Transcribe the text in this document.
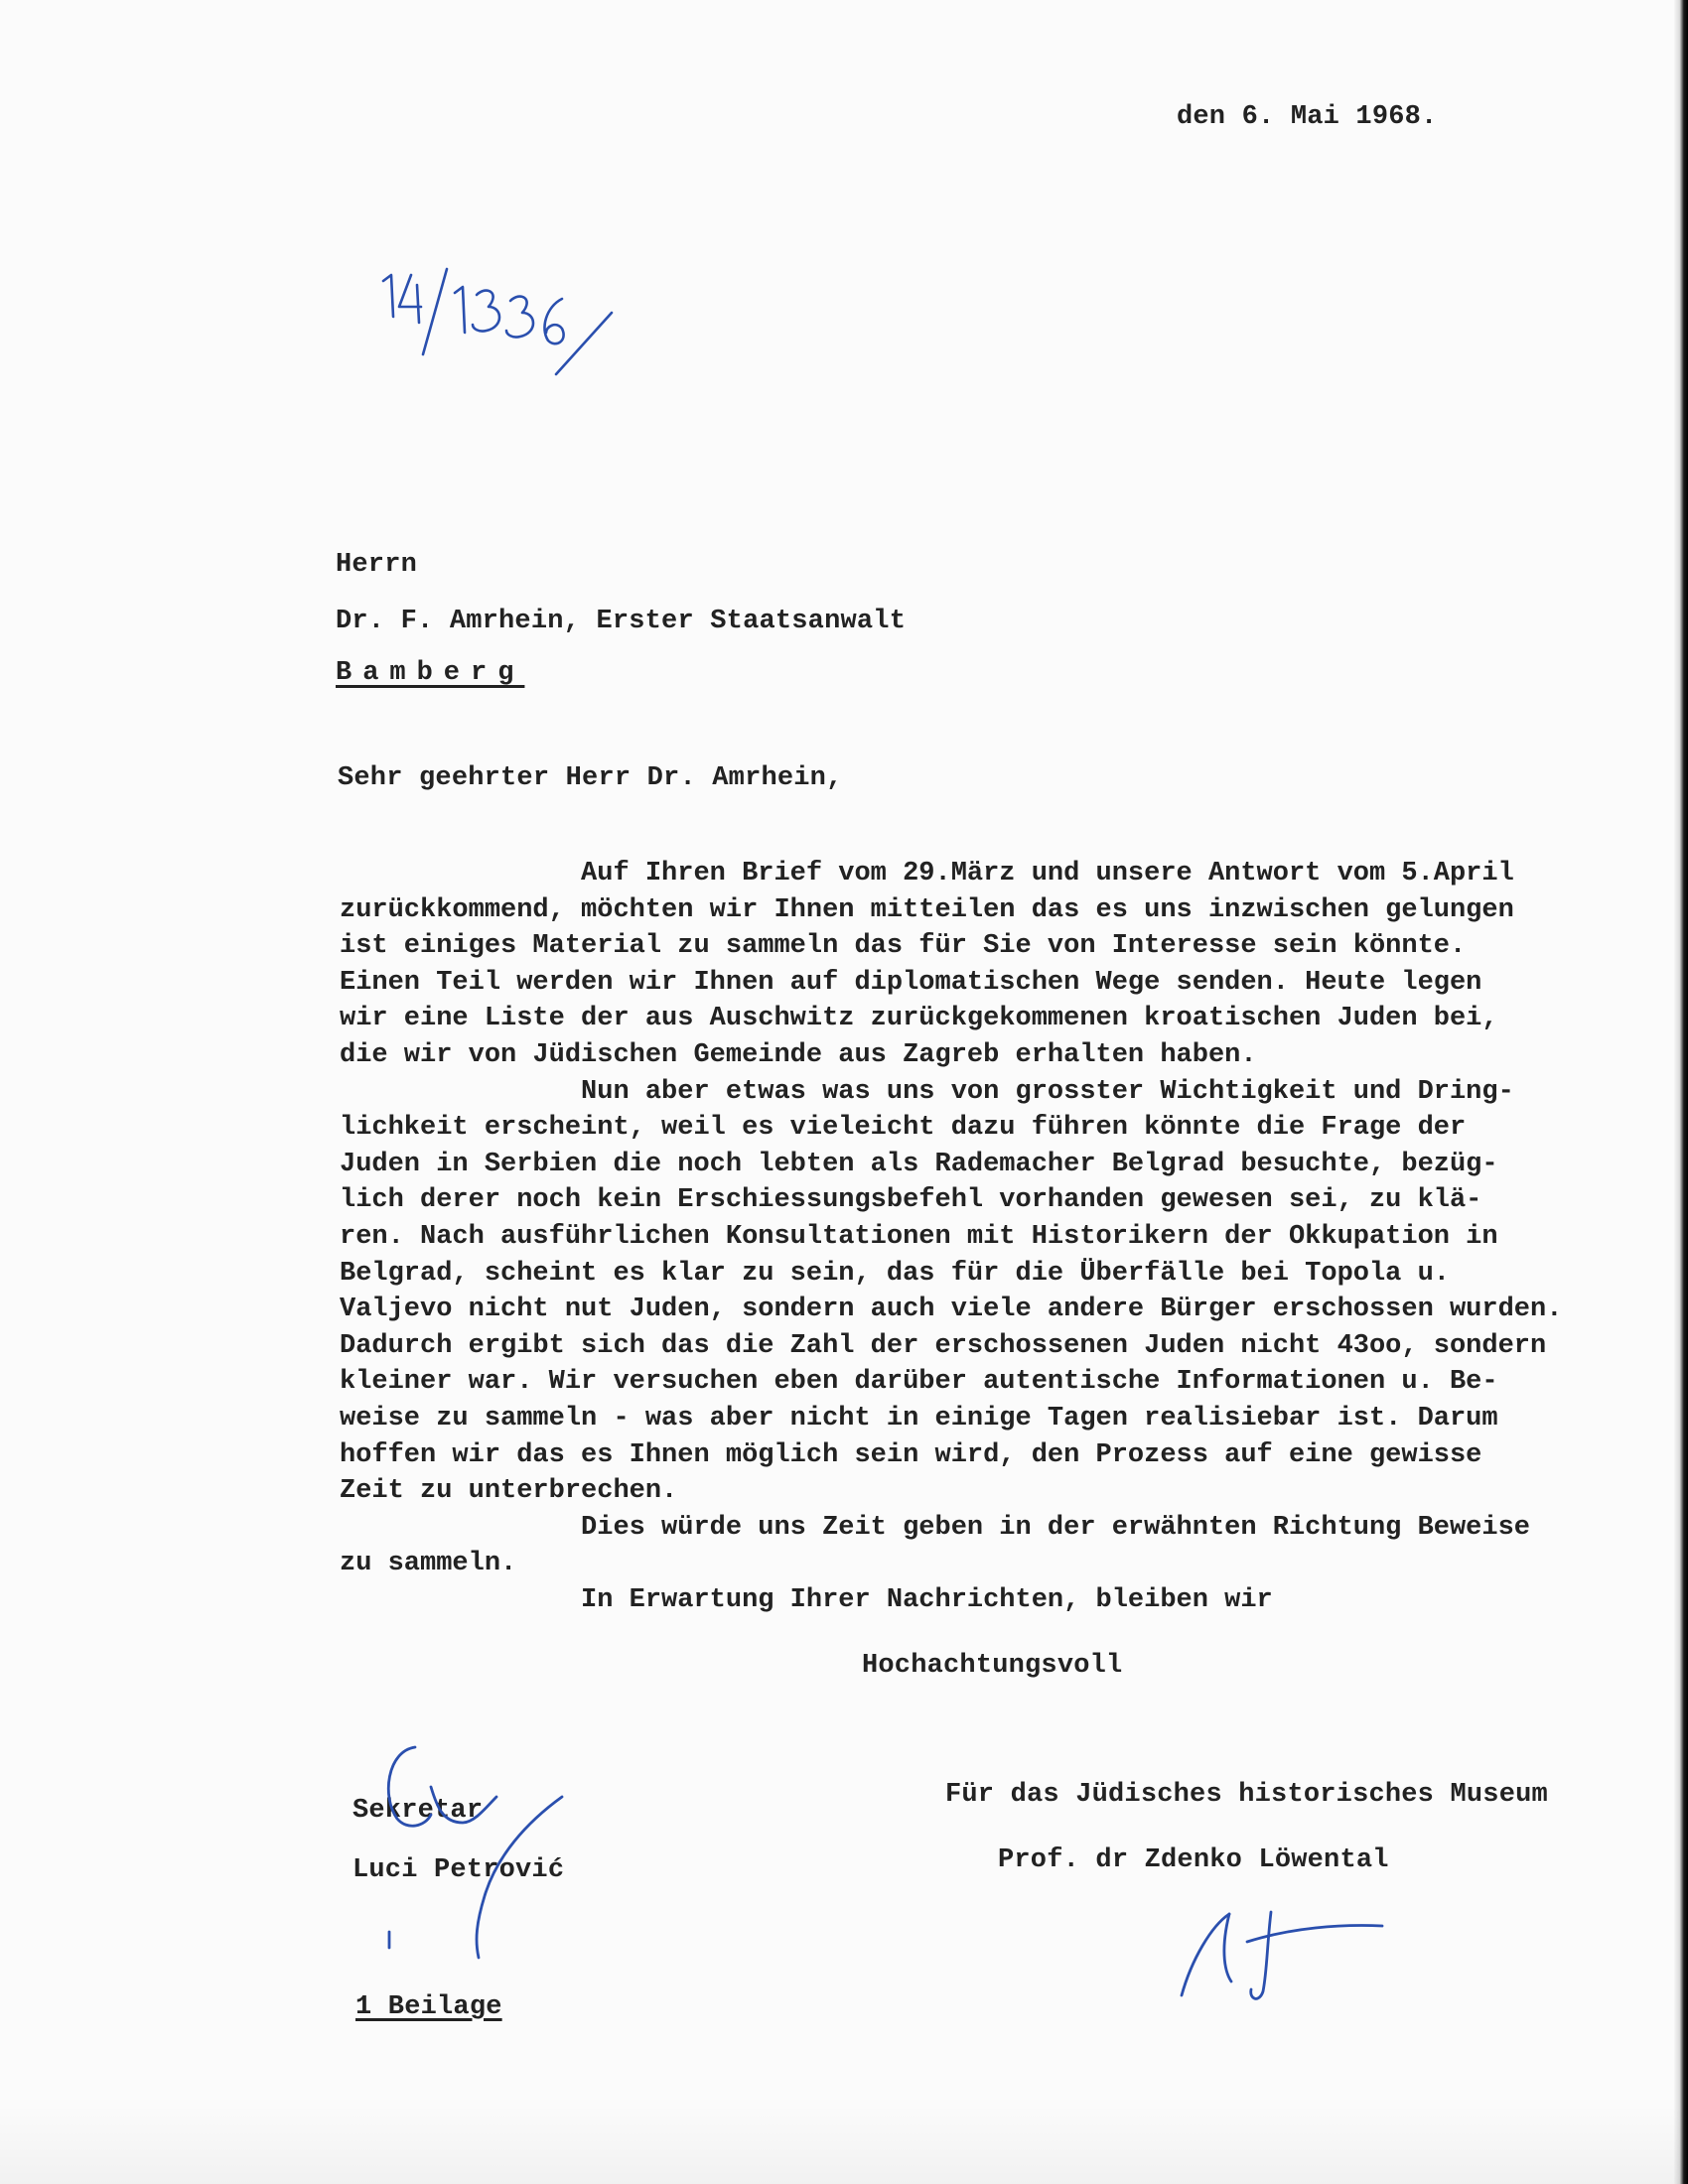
den 6. Mai 1968.
Herrn
Dr. F. Amrhein, Erster Staatsanwalt
Bamberg
Sehr geehrter Herr Dr. Amrhein,
Auf Ihren Brief vom 29.März und unsere Antwort vom 5.April
zurückkommend, möchten wir Ihnen mitteilen das es uns inzwischen gelungen
ist einiges Material zu sammeln das für Sie von Interesse sein könnte.
Einen Teil werden wir Ihnen auf diplomatischen Wege senden. Heute legen
wir eine Liste der aus Auschwitz zurückgekommenen kroatischen Juden bei,
die wir von Jüdischen Gemeinde aus Zagreb erhalten haben.
Nun aber etwas was uns von grosster Wichtigkeit und Dring-
lichkeit erscheint, weil es vieleicht dazu führen könnte die Frage der
Juden in Serbien die noch lebten als Rademacher Belgrad besuchte, bezüg-
lich derer noch kein Erschiessungsbefehl vorhanden gewesen sei, zu klä-
ren. Nach ausführlichen Konsultationen mit Historikern der Okkupation in
Belgrad, scheint es klar zu sein, das für die Überfälle bei Topola u.
Valjevo nicht nut Juden, sondern auch viele andere Bürger erschossen wurden.
Dadurch ergibt sich das die Zahl der erschossenen Juden nicht 43oo, sondern
kleiner war. Wir versuchen eben darüber autentische Informationen u. Be-
weise zu sammeln - was aber nicht in einige Tagen realisiebar ist. Darum
hoffen wir das es Ihnen möglich sein wird, den Prozess auf eine gewisse
Zeit zu unterbrechen.
Dies würde uns Zeit geben in der erwähnten Richtung Beweise
zu sammeln.
In Erwartung Ihrer Nachrichten, bleiben wir
Hochachtungsvoll
Sekretar
Luci Petrović
Für das Jüdisches historisches Museum
Prof. dr Zdenko Löwental
1 Beilage
